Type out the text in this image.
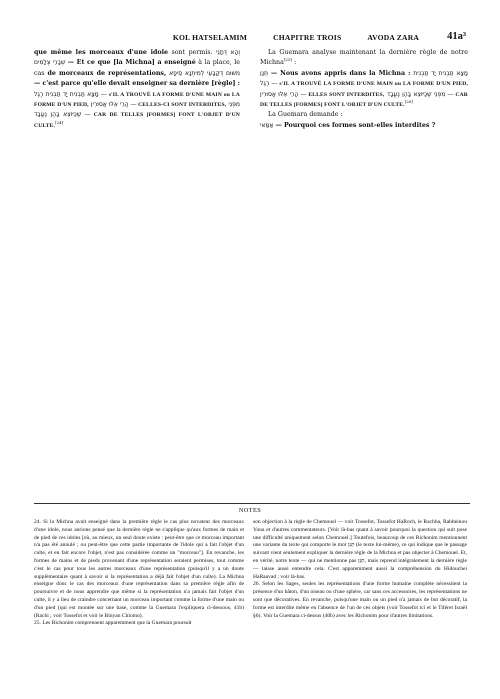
KOL HATSELAMIM	CHAPITRE TROIS	AVODA ZARA	41a³

que même les morceaux d'une idole sont permis. וְהָא דְּתָנֵי שְׁבָרֵי צְלָמִים — Et ce que [la Michna] a enseigné à la place, le cas de morceaux de représentations, מִשּׁוּם דְּקַבָּעֵי לְמִיתְנָא סֵיפָא — c'est parce qu'elle devait enseigner sa dernière [règle] : מָצָא תַּבְנִית יָד תַּבְנִית רֶגֶל — s'IL A TROUVÉ LA FORME D'UNE MAIN ou LA FORME D'UN PIED, הֲרֵי אֵלּוּ אֲסוּרִין — CELLES-CI SONT INTERDITES, מִפְּנֵי שֶׁכַּיּוֹצֵא בָּהֶן נֶעֱבָד — CAR DE TELLES [FORMES] FONT L'OBJET D'UN CULTE.[24]

La Guemara analyse maintenant la dernière règle de notre Michna[25] :

תְּנַן — Nous avons appris dans la Michna : מָצָא תַּבְנִית יָד תַּבְנִית רֶגֶל — s'IL A TROUVÉ LA FORME D'UNE MAIN ou LA FORME D'UN PIED, הֲרֵי אֵלּוּ אֲסוּרִין — ELLES SONT INTERDITES, מִפְּנֵי שֶׁכַּיּוֹצֵא בָּהֶן נֶעֱבָד — CAR DE TELLES [FORMES] FONT L'OBJET D'UN CULTE.[26]

La Guemara demande :

אַמַּאי — Pourquoi ces formes sont-elles interdites ?

NOTES

24. Si la Michna avait enseigné dans la première règle le cas plus novateur des morceaux d'une idole, nous aurions pensé que la dernière règle ne s'applique qu'aux formes de main et de pied de ces idoles [où, au mieux, un seul doute existe : peut-être que ce morceau important n'a pas été annulé ; ou peut-être que cette partie importante de l'idole qui a fait l'objet d'un culte, et en fait encore l'objet, n'est pas considérée comme un "morceau"]. En revanche, les formes de mains et de pieds provenant d'une représentation seraient permises, tout comme c'est le cas pour tous les autres morceaux d'une représentation (puisqu'il y a un doute supplémentaire quant à savoir si la représentation a déjà fait l'objet d'un culte). La Michna enseigne donc le cas des morceaux d'une représentation dans sa première règle afin de poursuivre et de nous apprendre que même si la représentation n'a jamais fait l'objet d'un culte, il y a lieu de craindre concernant un morceau important comme la forme d'une main ou d'un pied (qui est montée sur une base, comme la Guemara l'expliquera ci-dessous, 41b) (Rachi ; voir Tossefot et voir le Binyan Chlomo).

25. Les Richonim comprennent apparemment que la Guemara poursuit

son objection à la règle de Chemouel — voir Tossefot, Tossefot HaRoch, le Rachba, Rabbeinou Yona et d'autres commentateurs. [Voir là-bas quant à savoir pourquoi la question qui suit pose une difficulté uniquement selon Chemouel.] Toutefois, beaucoup de ces Richonim mentionnent une variante du texte qui comporte le mot תְּנַן (le texte lui-même), ce qui indique que le passage suivant vient seulement expliquer la dernière règle de la Michna et pas objecter à Chemouel. Et, en vérité, notre texte — qui ne mentionne pas תְּנַן, mais reprend intégralement la dernière règle — laisse aussi entendre cela. C'est apparemment aussi la compréhension du Hidouchei HaRaavad ; voir là-bas.

26. Selon les Sages, seules les représentations d'une forme humaine complète nécessitent la présence d'un bâton, d'un oiseau ou d'une sphère, car sans ces accessoires, les représentations ne sont que décoratives. En revanche, puisqu'une main ou un pied n'a jamais de but décoratif, la forme est interdite même en l'absence de l'un de ces objets (voir Tossefot ici et le Tiféret Israël §6). Voir la Guemara ci-dessus (40b) avec les Richonim pour d'autres limitations.
